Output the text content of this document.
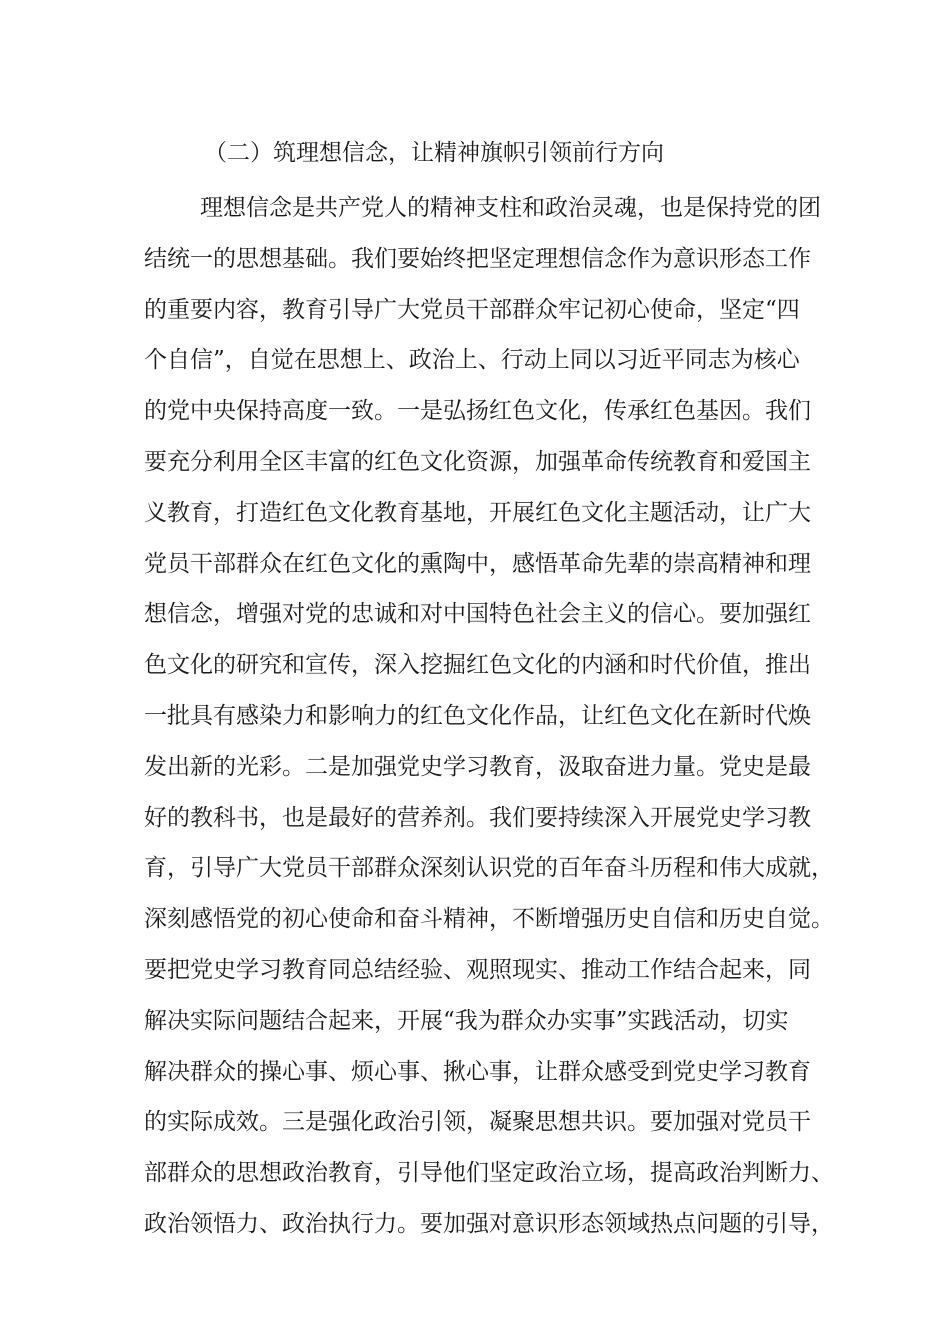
（二）筑理想信念，让精神旗帜引领前行方向
理想信念是共产党人的精神支柱和政治灵魂，也是保持党的团
结统一的思想基础。我们要始终把坚定理想信念作为意识形态工作
的重要内容，教育引导广大党员干部群众牢记初心使命，坚定“四
个自信”，自觉在思想上、政治上、行动上同以习近平同志为核心
的党中央保持高度一致。一是弘扬红色文化，传承红色基因。我们
要充分利用全区丰富的红色文化资源，加强革命传统教育和爱国主
义教育，打造红色文化教育基地，开展红色文化主题活动，让广大
党员干部群众在红色文化的熏陶中，感悟革命先辈的崇高精神和理
想信念，增强对党的忠诚和对中国特色社会主义的信心。要加强红
色文化的研究和宣传，深入挖掘红色文化的内涵和时代价值，推出
一批具有感染力和影响力的红色文化作品，让红色文化在新时代焕
发出新的光彩。二是加强党史学习教育，汲取奋进力量。党史是最
好的教科书，也是最好的营养剂。我们要持续深入开展党史学习教
育，引导广大党员干部群众深刻认识党的百年奋斗历程和伟大成就，
深刻感悟党的初心使命和奋斗精神，不断增强历史自信和历史自觉。
要把党史学习教育同总结经验、观照现实、推动工作结合起来，同
解决实际问题结合起来，开展“我为群众办实事”实践活动，切实
解决群众的操心事、烦心事、揪心事，让群众感受到党史学习教育
的实际成效。三是强化政治引领，凝聚思想共识。要加强对党员干
部群众的思想政治教育，引导他们坚定政治立场，提高政治判断力、
政治领悟力、政治执行力。要加强对意识形态领域热点问题的引导，
